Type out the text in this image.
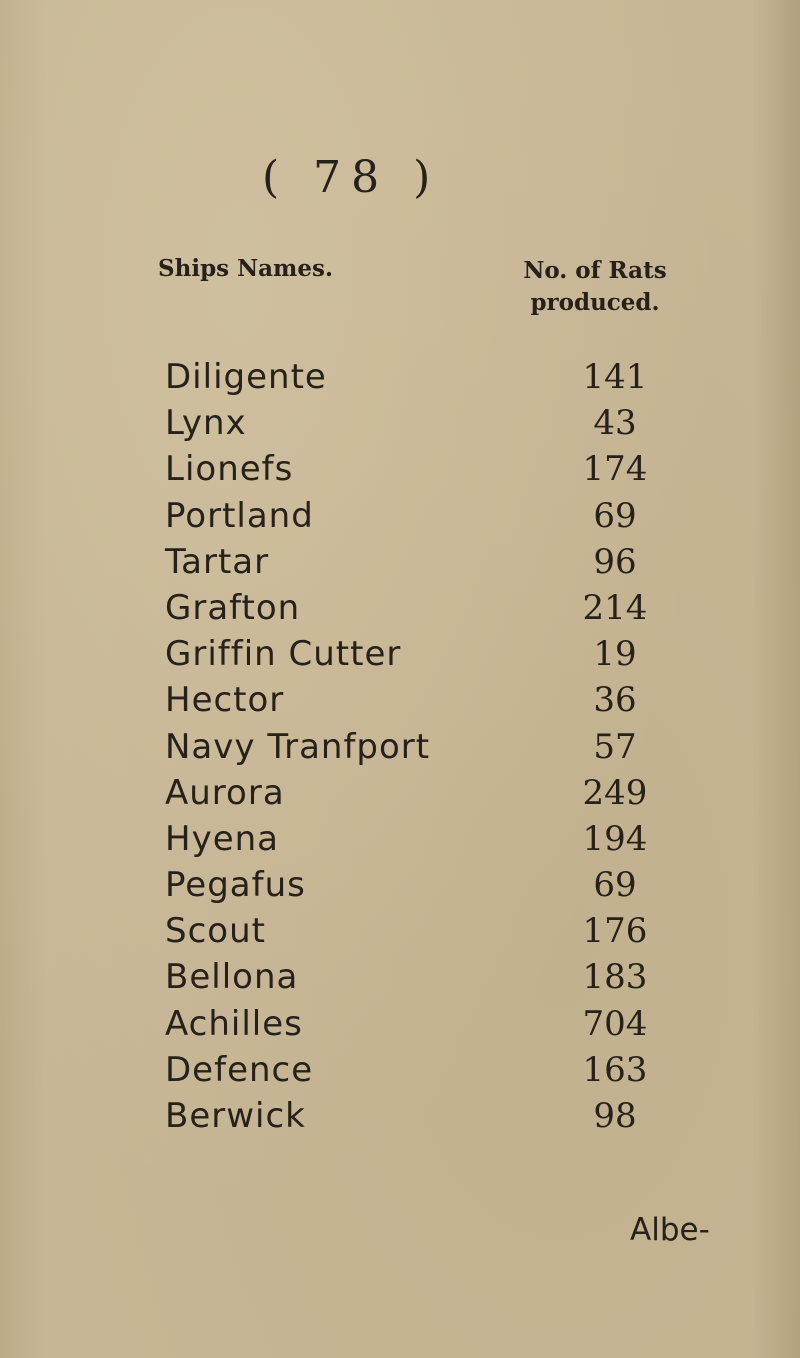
( 78 )
Ships Names.	No. of Rats
produced.
Diligente	141
Lynx	43
Lionefs	174
Portland	69
Tartar	96
Grafton	214
Griffin Cutter	19
Hector	36
Navy Tranfport	57
Aurora	249
Hyena	194
Pegafus	69
Scout	176
Bellona	183
Achilles	704
Defence	163
Berwick	98
Albe-
